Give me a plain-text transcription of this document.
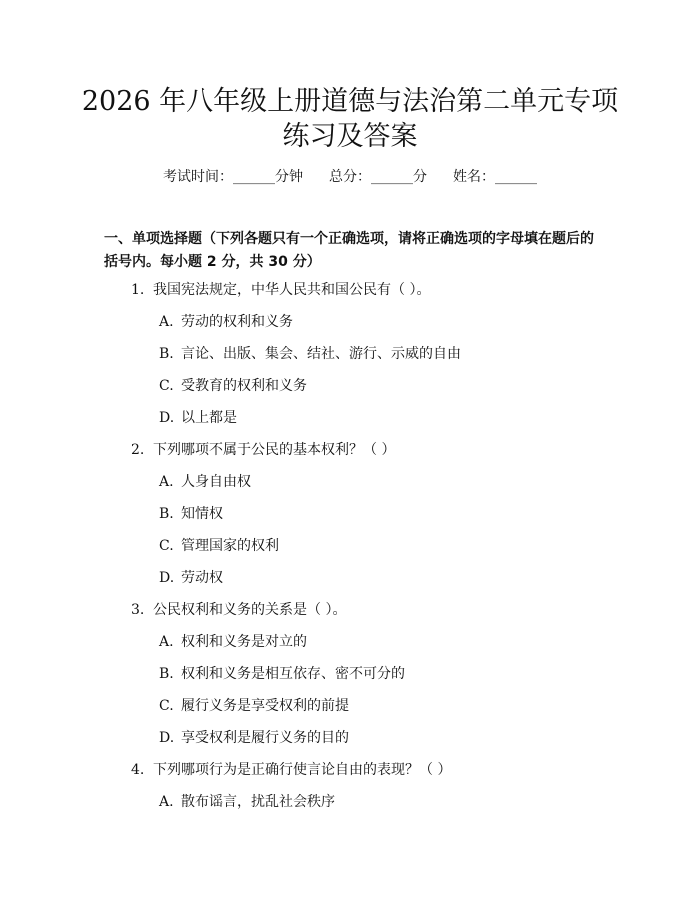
2026 年八年级上册道德与法治第二单元专项
练习及答案
考试时间：______分钟 总分：______分 姓名：______
一、单项选择题（下列各题只有一个正确选项，请将正确选项的字母填在题后的
括号内。每小题 2 分，共 30 分）
1. 我国宪法规定，中华人民共和国公民有（ ）。
A. 劳动的权利和义务
B. 言论、出版、集会、结社、游行、示威的自由
C. 受教育的权利和义务
D. 以上都是
2. 下列哪项不属于公民的基本权利？（ ）
A. 人身自由权
B. 知情权
C. 管理国家的权利
D. 劳动权
3. 公民权利和义务的关系是（ ）。
A. 权利和义务是对立的
B. 权利和义务是相互依存、密不可分的
C. 履行义务是享受权利的前提
D. 享受权利是履行义务的目的
4. 下列哪项行为是正确行使言论自由的表现？（ ）
A. 散布谣言，扰乱社会秩序
